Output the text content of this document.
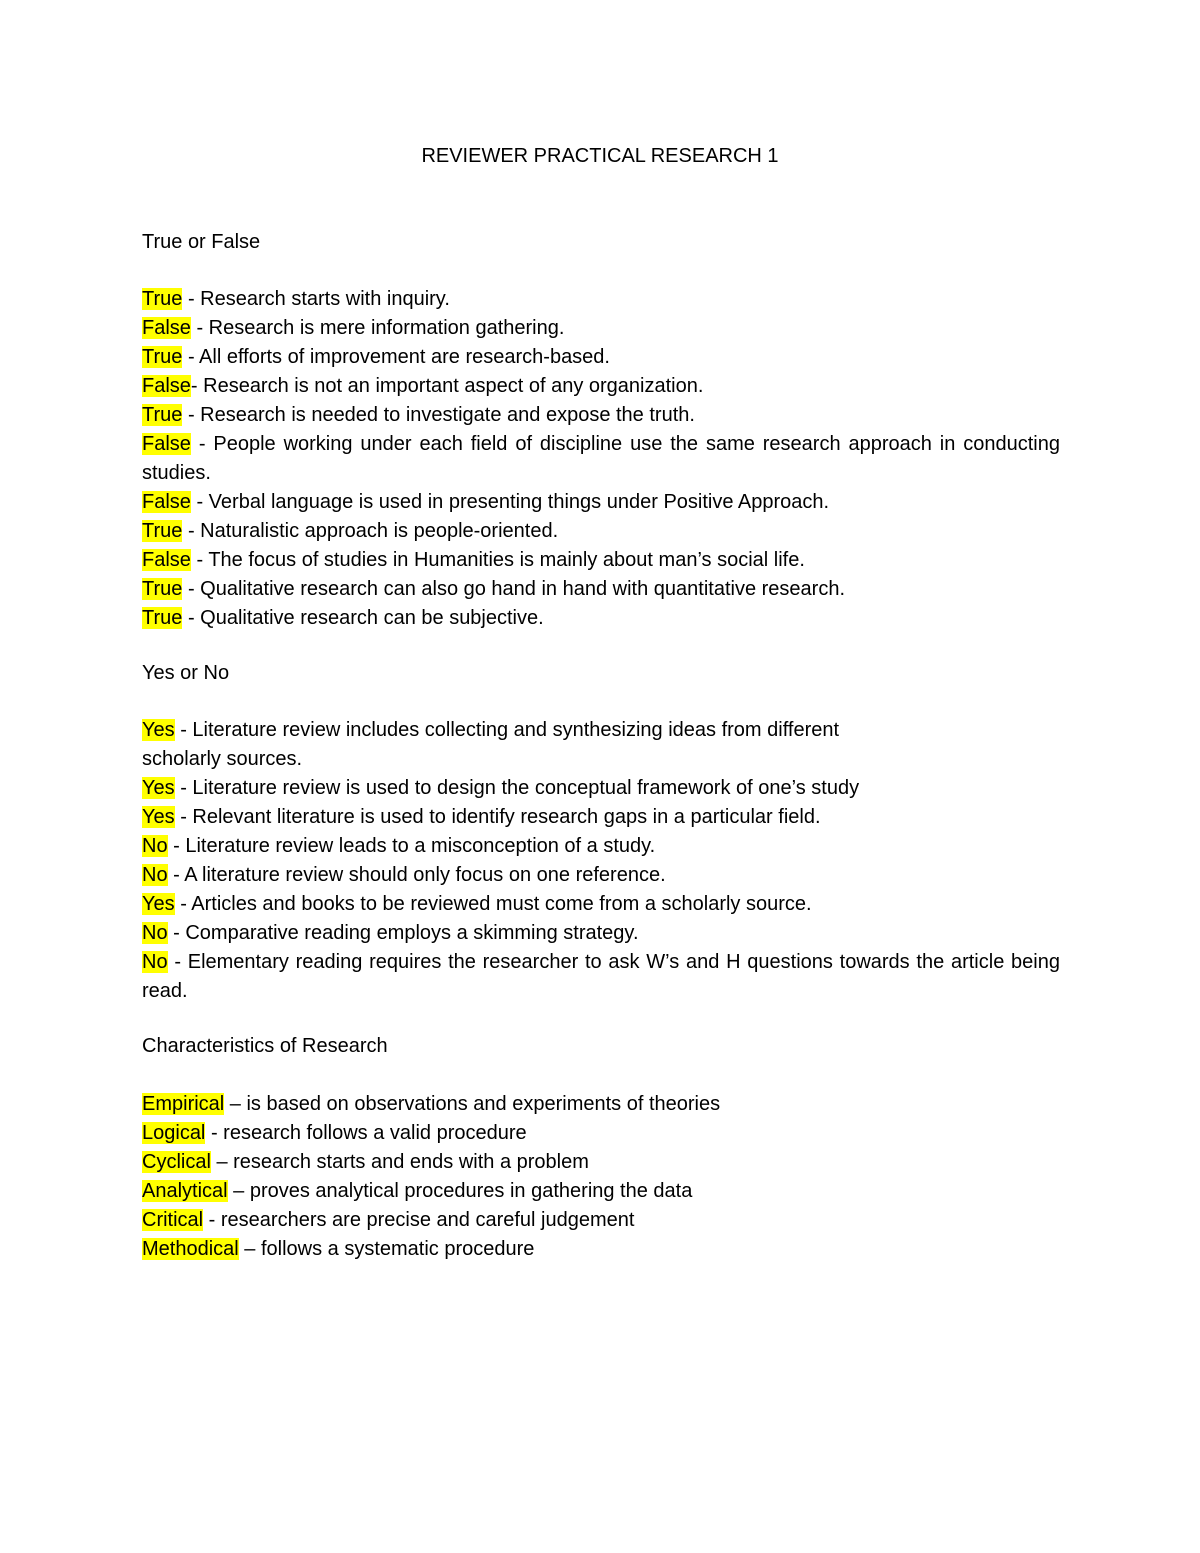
REVIEWER PRACTICAL RESEARCH 1
True or False
True - Research starts with inquiry.
False - Research is mere information gathering.
True - All efforts of improvement are research-based.
False- Research is not an important aspect of any organization.
True - Research is needed to investigate and expose the truth.
False - People working under each field of discipline use the same research approach in conducting studies.
False - Verbal language is used in presenting things under Positive Approach.
True - Naturalistic approach is people-oriented.
False - The focus of studies in Humanities is mainly about man’s social life.
True - Qualitative research can also go hand in hand with quantitative research.
True - Qualitative research can be subjective.
Yes or No
Yes - Literature review includes collecting and synthesizing ideas from different
scholarly sources.
Yes - Literature review is used to design the conceptual framework of one’s study
Yes - Relevant literature is used to identify research gaps in a particular field.
No - Literature review leads to a misconception of a study.
No - A literature review should only focus on one reference.
Yes - Articles and books to be reviewed must come from a scholarly source.
No - Comparative reading employs a skimming strategy.
No - Elementary reading requires the researcher to ask W’s and H questions towards the article being read.
Characteristics of Research
Empirical – is based on observations and experiments of theories
Logical - research follows a valid procedure
Cyclical – research starts and ends with a problem
Analytical – proves analytical procedures in gathering the data
Critical - researchers are precise and careful judgement
Methodical – follows a systematic procedure
